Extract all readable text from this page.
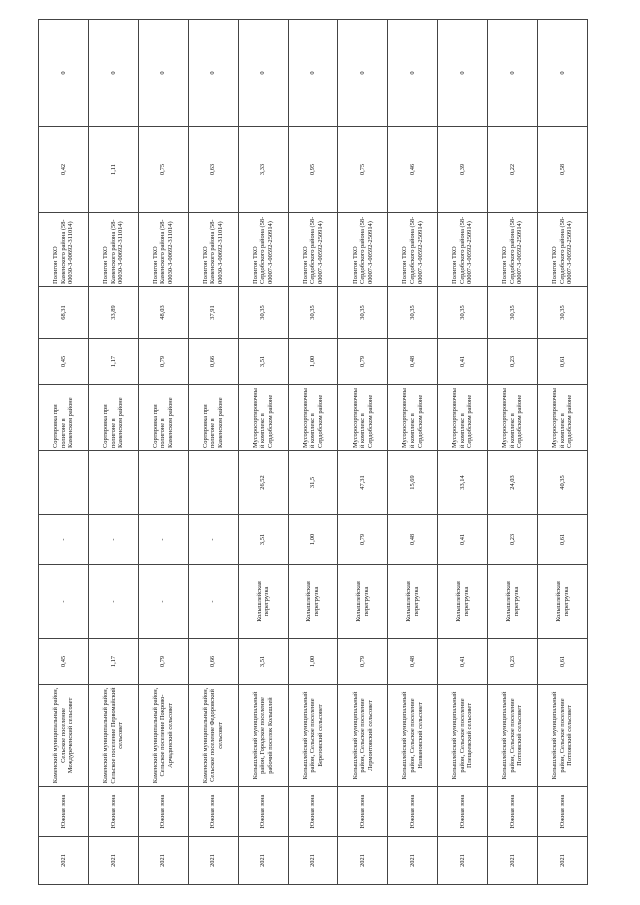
2021	Южная зона	Каменский муниципальный район, Сельское поселение Междуреченский сельсовет	0,45	-	-		Сортировка при полигоне в Каменском районе	0,45	68,31	Полигон ТКО Каменского района (58-00030-З-00692-311014)	0,42	0
2021	Южная зона	Каменский муниципальный район, Сельское поселение Первомайский сельсовет	1,17	-	-		Сортировка при полигоне в Каменском районе	1,17	33,89	Полигон ТКО Каменского района (58-00030-З-00692-311014)	1,11	0
2021	Южная зона	Каменский муниципальный район, Сельское поселение Покрово-Арчадинский сельсовет	0,79	-	-		Сортировка при полигоне в Каменском районе	0,79	48,03	Полигон ТКО Каменского района (58-00030-З-00692-311014)	0,75	0
2021	Южная зона	Каменский муниципальный район, Сельское поселение Федоровский сельсовет	0,66	-	-		Сортировка при полигоне в Каменском районе	0,66	37,91	Полигон ТКО Каменского района (58-00030-З-00692-311014)	0,63	0
2021	Южная зона	Колышлейский муниципальный район, Городское поселение рабочий поселок Колышлей	3,51	Колышлейская перегрузка	3,51	26,52	Мусоросортировочный комплекс в Сердобском районе	3,51	30,35	Полигон ТКО Сердобского района (58-00007-З-00592-250914)	3,33	0
2021	Южная зона	Колышлейский муниципальный район, Сельское поселение Березовский сельсовет	1,00	Колышлейская перегрузка	1,00	31,5	Мусоросортировочный комплекс в Сердобском районе	1,00	30,35	Полигон ТКО Сердобского района (58-00007-З-00592-250914)	0,95	0
2021	Южная зона	Колышлейский муниципальный район, Сельское поселение Лермонтовский сельсовет	0,79	Колышлейская перегрузка	0,79	47,31	Мусоросортировочный комплекс в Сердобском районе	0,79	30,35	Полигон ТКО Сердобского района (58-00007-З-00592-250914)	0,75	0
2021	Южная зона	Колышлейский муниципальный район, Сельское поселение Названовский сельсовет	0,48	Колышлейская перегрузка	0,48	15,69	Мусоросортировочный комплекс в Сердобском районе	0,48	30,35	Полигон ТКО Сердобского района (58-00007-З-00592-250914)	0,46	0
2021	Южная зона	Колышлейский муниципальный район, Сельское поселение Плещеевский сельсовет	0,41	Колышлейская перегрузка	0,41	33,14	Мусоросортировочный комплекс в Сердобском районе	0,41	30,35	Полигон ТКО Сердобского района (58-00007-З-00592-250914)	0,39	0
2021	Южная зона	Колышлейский муниципальный район, Сельское поселение Потловский сельсовет	0,23	Колышлейская перегрузка	0,23	24,03	Мусоросортировочный комплекс в Сердобском районе	0,23	30,35	Полигон ТКО Сердобского района (58-00007-З-00592-250914)	0,22	0
2021	Южная зона	Колышлейский муниципальный район, Сельское поселение Потловский сельсовет	0,61	Колышлейская перегрузка	0,61	40,35	Мусоросортировочный комплекс в Сердобском районе	0,61	30,35	Полигон ТКО Сердобского района (58-00007-З-00592-250914)	0,58	0
